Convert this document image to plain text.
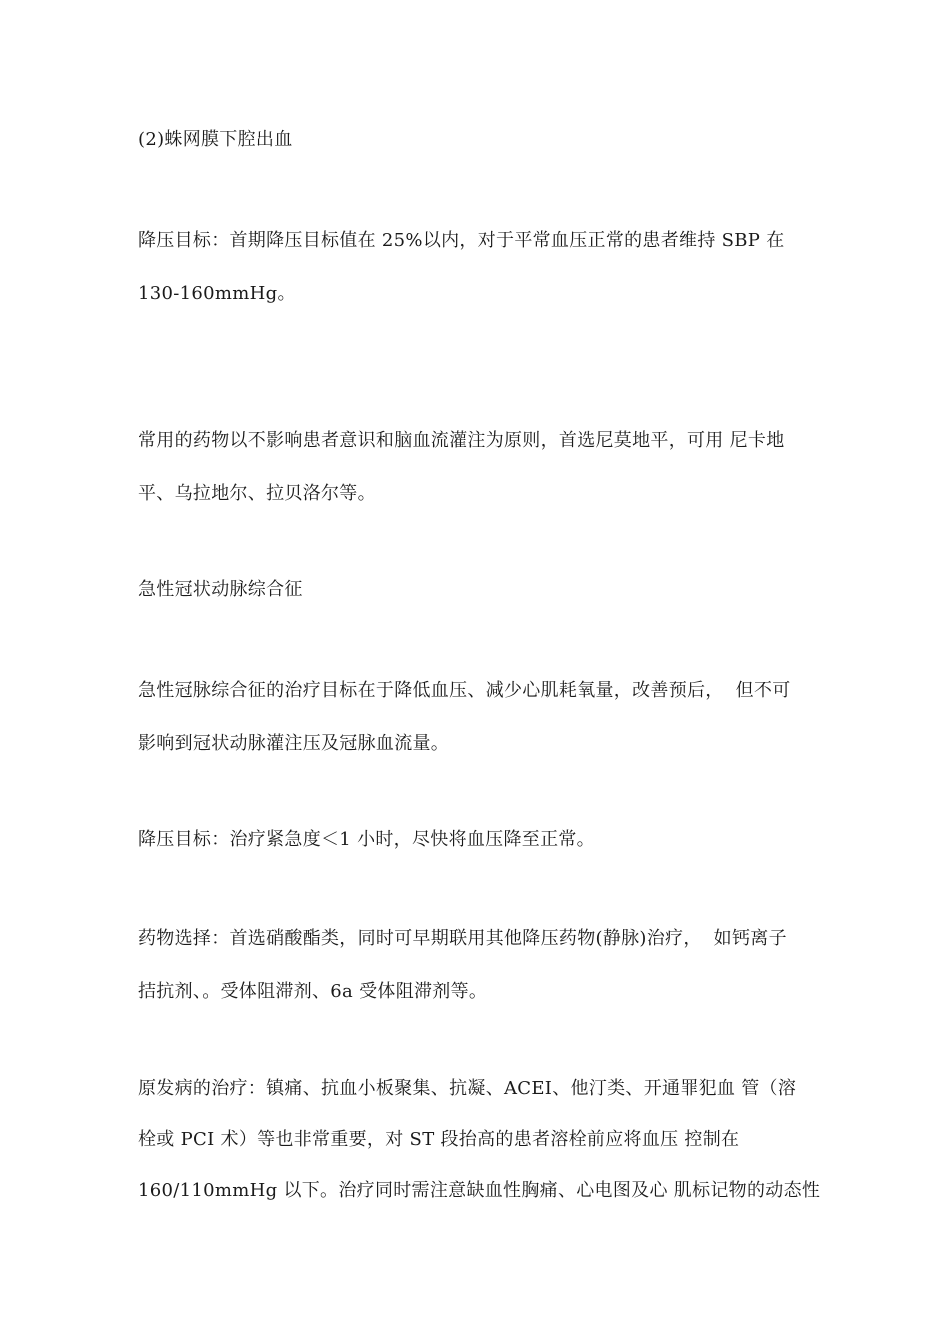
(2)蛛网膜下腔出血
降压目标：首期降压目标值在 25%以内，对于平常血压正常的患者维持 SBP 在
130-160mmHg。
常用的药物以不影响患者意识和脑血流灌注为原则，首选尼莫地平，可用 尼卡地
平、乌拉地尔、拉贝洛尔等。
急性冠状动脉综合征
急性冠脉综合征的治疗目标在于降低血压、减少心肌耗氧量，改善预后，  但不可
影响到冠状动脉灌注压及冠脉血流量。
降压目标：治疗紧急度＜1 小时，尽快将血压降至正常。
药物选择：首选硝酸酯类，同时可早期联用其他降压药物(静脉)治疗，  如钙离子
拮抗剂、。受体阻滞剂、6a 受体阻滞剂等。
原发病的治疗：镇痛、抗血小板聚集、抗凝、ACEI、他汀类、开通罪犯血 管（溶
栓或 PCI 术）等也非常重要，对 ST 段抬高的患者溶栓前应将血压 控制在
160/110mmHg 以下。治疗同时需注意缺血性胸痛、心电图及心 肌标记物的动态性
